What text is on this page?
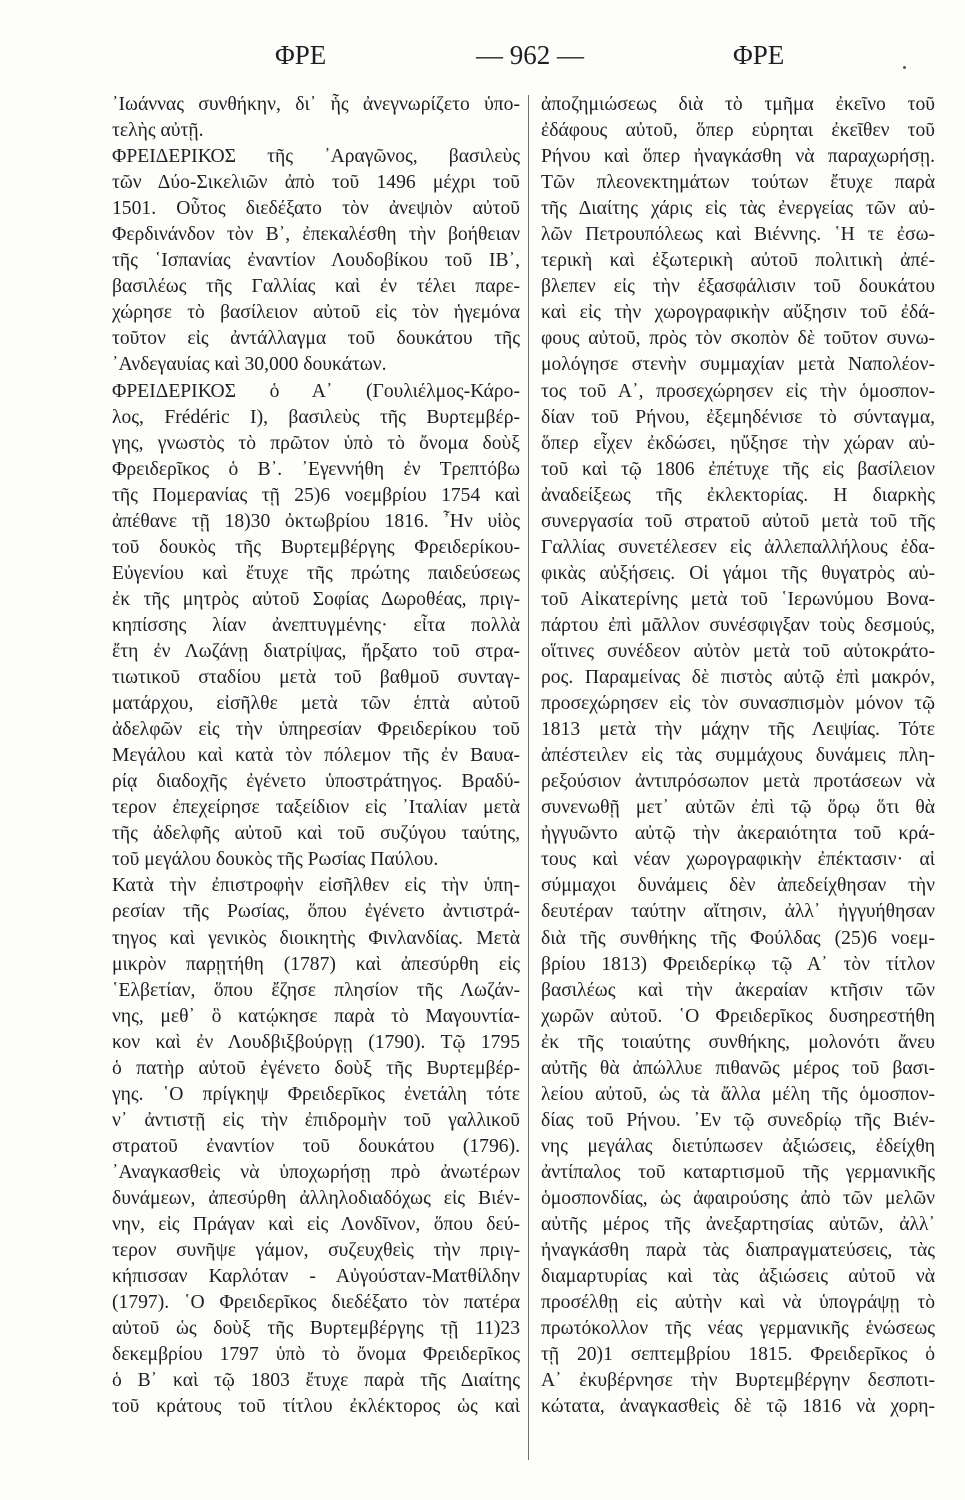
ΦΡΕ	— 962 —	ΦΡΕ
᾿Ιωάννας συνθήκην, δι᾿ ἧς ἀνεγνωρίζετο ὑπο-
τελὴς αὐτῇ.
ΦΡΕΙΔΕΡΙΚΟΣ τῆς ᾿Αραγῶνος, βασιλεὺς
τῶν Δύο-Σικελιῶν ἀπὸ τοῦ 1496 μέχρι τοῦ
1501. Οὗτος διεδέξατο τὸν ἀνεψιὸν αὐτοῦ
Φερδινάνδον τὸν Β᾿, ἐπεκαλέσθη τὴν βοήθειαν
τῆς ῾Ισπανίας ἐναντίον Λουδοβίκου τοῦ ΙΒ᾿,
βασιλέως τῆς Γαλλίας καὶ ἐν τέλει παρε-
χώρησε τὸ βασίλειον αὐτοῦ εἰς τὸν ἡγεμόνα
τοῦτον εἰς ἀντάλλαγμα τοῦ δουκάτου τῆς
᾿Ανδεγαυίας καὶ 30,000 δουκάτων.
ΦΡΕΙΔΕΡΙΚΟΣ ὁ Α᾿ (Γουλιέλμος-Κάρο-
λος, Frédéric I), βασιλεὺς τῆς Βυρτεμβέρ-
γης, γνωστὸς τὸ πρῶτον ὑπὸ τὸ ὄνομα δοὺξ
Φρειδερῖκος ὁ Β᾿. ᾿Εγεννήθη ἐν Τρεπτόβω
τῆς Πομερανίας τῇ 25)6 νοεμβρίου 1754 καὶ
ἀπέθανε τῇ 18)30 ὀκτωβρίου 1816. ῏Ην υἱὸς
τοῦ δουκὸς τῆς Βυρτεμβέργης Φρειδερίκου-
Εὐγενίου καὶ ἔτυχε τῆς πρώτης παιδεύσεως
ἐκ τῆς μητρὸς αὐτοῦ Σοφίας Δωροθέας, πριγ-
κηπίσσης λίαν ἀνεπτυγμένης· εἶτα πολλὰ
ἔτη ἐν Λωζάνῃ διατρίψας, ἤρξατο τοῦ στρα-
τιωτικοῦ σταδίου μετὰ τοῦ βαθμοῦ συνταγ-
ματάρχου, εἰσῆλθε μετὰ τῶν ἑπτὰ αὐτοῦ
ἀδελφῶν εἰς τὴν ὑπηρεσίαν Φρειδερίκου τοῦ
Μεγάλου καὶ κατὰ τὸν πόλεμον τῆς ἐν Βαυα-
ρίᾳ διαδοχῆς ἐγένετο ὑποστράτηγος. Βραδύ-
τερον ἐπεχείρησε ταξείδιον εἰς ᾿Ιταλίαν μετὰ
τῆς ἀδελφῆς αὐτοῦ καὶ τοῦ συζύγου ταύτης,
τοῦ μεγάλου δουκὸς τῆς Ρωσίας Παύλου.
Κατὰ τὴν ἐπιστροφὴν εἰσῆλθεν εἰς τὴν ὑπη-
ρεσίαν τῆς Ρωσίας, ὅπου ἐγένετο ἀντιστρά-
τηγος καὶ γενικὸς διοικητὴς Φινλανδίας. Μετὰ
μικρὸν παρῃτήθη (1787) καὶ ἀπεσύρθη εἰς
῾Ελβετίαν, ὅπου ἔζησε πλησίον τῆς Λωζάν-
νης, μεθ᾿ ὃ κατῴκησε παρὰ τὸ Μαγουντία-
κον καὶ ἐν Λουδβιξβούργῃ (1790). Τῷ 1795
ὁ πατὴρ αὐτοῦ ἐγένετο δοὺξ τῆς Βυρτεμβέρ-
γης. ῾Ο πρίγκηψ Φρειδερῖκος ἐνετάλη τότε
ν᾿ ἀντιστῇ εἰς τὴν ἐπιδρομὴν τοῦ γαλλικοῦ
στρατοῦ ἐναντίον τοῦ δουκάτου (1796).
᾿Αναγκασθεὶς νὰ ὑποχωρήσῃ πρὸ ἀνωτέρων
δυνάμεων, ἀπεσύρθη ἀλληλοδιαδόχως εἰς Βιέν-
νην, εἰς Πράγαν καὶ εἰς Λονδῖνον, ὅπου δεύ-
τερον συνῆψε γάμον, συζευχθεὶς τὴν πριγ-
κήπισσαν Καρλόταν - Αὐγούσταν-Ματθίλδην
(1797). ῾Ο Φρειδερῖκος διεδέξατο τὸν πατέρα
αὐτοῦ ὡς δοὺξ τῆς Βυρτεμβέργης τῇ 11)23
δεκεμβρίου 1797 ὑπὸ τὸ ὄνομα Φρειδερῖκος
ὁ Β᾿ καὶ τῷ 1803 ἔτυχε παρὰ τῆς Διαίτης
τοῦ κράτους τοῦ τίτλου ἐκλέκτορος ὡς καὶ
ἀποζημιώσεως διὰ τὸ τμῆμα ἐκεῖνο τοῦ
ἐδάφους αὐτοῦ, ὅπερ εὑρηται ἐκεῖθεν τοῦ
Ρήνου καὶ ὅπερ ἠναγκάσθη νὰ παραχωρήσῃ.
Τῶν πλεονεκτημάτων τούτων ἔτυχε παρὰ
τῆς Διαίτης χάρις εἰς τὰς ἐνεργείας τῶν αὐ-
λῶν Πετρουπόλεως καὶ Βιέννης. ῾Η τε ἐσω-
τερικὴ καὶ ἐξωτερικὴ αὐτοῦ πολιτικὴ ἀπέ-
βλεπεν εἰς τὴν ἐξασφάλισιν τοῦ δουκάτου
καὶ εἰς τὴν χωρογραφικὴν αὔξησιν τοῦ ἐδά-
φους αὐτοῦ, πρὸς τὸν σκοπὸν δὲ τοῦτον συνω-
μολόγησε στενὴν συμμαχίαν μετὰ Ναπολέον-
τος τοῦ Α᾿, προσεχώρησεν εἰς τὴν ὁμοσπον-
δίαν τοῦ Ρήνου, ἐξεμηδένισε τὸ σύνταγμα,
ὅπερ εἶχεν ἐκδώσει, ηὔξησε τὴν χώραν αὐ-
τοῦ καὶ τῷ 1806 ἐπέτυχε τῆς εἰς βασίλειον
ἀναδείξεως τῆς ἐκλεκτορίας. Η διαρκὴς
συνεργασία τοῦ στρατοῦ αὐτοῦ μετὰ τοῦ τῆς
Γαλλίας συνετέλεσεν εἰς ἀλλεπαλλήλους ἐδα-
φικὰς αὐξήσεις. Οἱ γάμοι τῆς θυγατρὸς αὐ-
τοῦ Αἰκατερίνης μετὰ τοῦ ῾Ιερωνύμου Βονα-
πάρτου ἐπὶ μᾶλλον συνέσφιγξαν τοὺς δεσμούς,
οἵτινες συνέδεον αὐτὸν μετὰ τοῦ αὐτοκράτο-
ρος. Παραμείνας δὲ πιστὸς αὐτῷ ἐπὶ μακρόν,
προσεχώρησεν εἰς τὸν συνασπισμὸν μόνον τῷ
1813 μετὰ τὴν μάχην τῆς Λειψίας. Τότε
ἀπέστειλεν εἰς τὰς συμμάχους δυνάμεις πλη-
ρεξούσιον ἀντιπρόσωπον μετὰ προτάσεων νὰ
συνενωθῇ μετ᾿ αὐτῶν ἐπὶ τῷ ὅρῳ ὅτι θὰ
ἠγγυῶντο αὐτῷ τὴν ἀκεραιότητα τοῦ κρά-
τους καὶ νέαν χωρογραφικὴν ἐπέκτασιν· αἱ
σύμμαχοι δυνάμεις δὲν ἀπεδείχθησαν τὴν
δευτέραν ταύτην αἴτησιν, ἀλλ᾿ ἠγγυήθησαν
διὰ τῆς συνθήκης τῆς Φούλδας (25)6 νοεμ-
βρίου 1813) Φρειδερίκῳ τῷ Α᾿ τὸν τίτλον
βασιλέως καὶ τὴν ἀκεραίαν κτῆσιν τῶν
χωρῶν αὐτοῦ. ῾Ο Φρειδερῖκος δυσηρεστήθη
ἐκ τῆς τοιαύτης συνθήκης, μολονότι ἄνευ
αὐτῆς θὰ ἀπώλλυε πιθανῶς μέρος τοῦ βασι-
λείου αὐτοῦ, ὡς τὰ ἄλλα μέλη τῆς ὁμοσπον-
δίας τοῦ Ρήνου. ᾿Εν τῷ συνεδρίῳ τῆς Βιέν-
νης μεγάλας διετύπωσεν ἀξιώσεις, ἐδείχθη
ἀντίπαλος τοῦ καταρτισμοῦ τῆς γερμανικῆς
ὁμοσπονδίας, ὡς ἀφαιρούσης ἀπὸ τῶν μελῶν
αὐτῆς μέρος τῆς ἀνεξαρτησίας αὐτῶν, ἀλλ᾿
ἠναγκάσθη παρὰ τὰς διαπραγματεύσεις, τὰς
διαμαρτυρίας καὶ τὰς ἀξιώσεις αὐτοῦ νὰ
προσέλθῃ εἰς αὐτὴν καὶ νὰ ὑπογράψῃ τὸ
πρωτόκολλον τῆς νέας γερμανικῆς ἑνώσεως
τῇ 20)1 σεπτεμβρίου 1815. Φρειδερῖκος ὁ
Α᾿ ἐκυβέρνησε τὴν Βυρτεμβέργην δεσποτι-
κώτατα, ἀναγκασθεὶς δὲ τῷ 1816 νὰ χορη-
